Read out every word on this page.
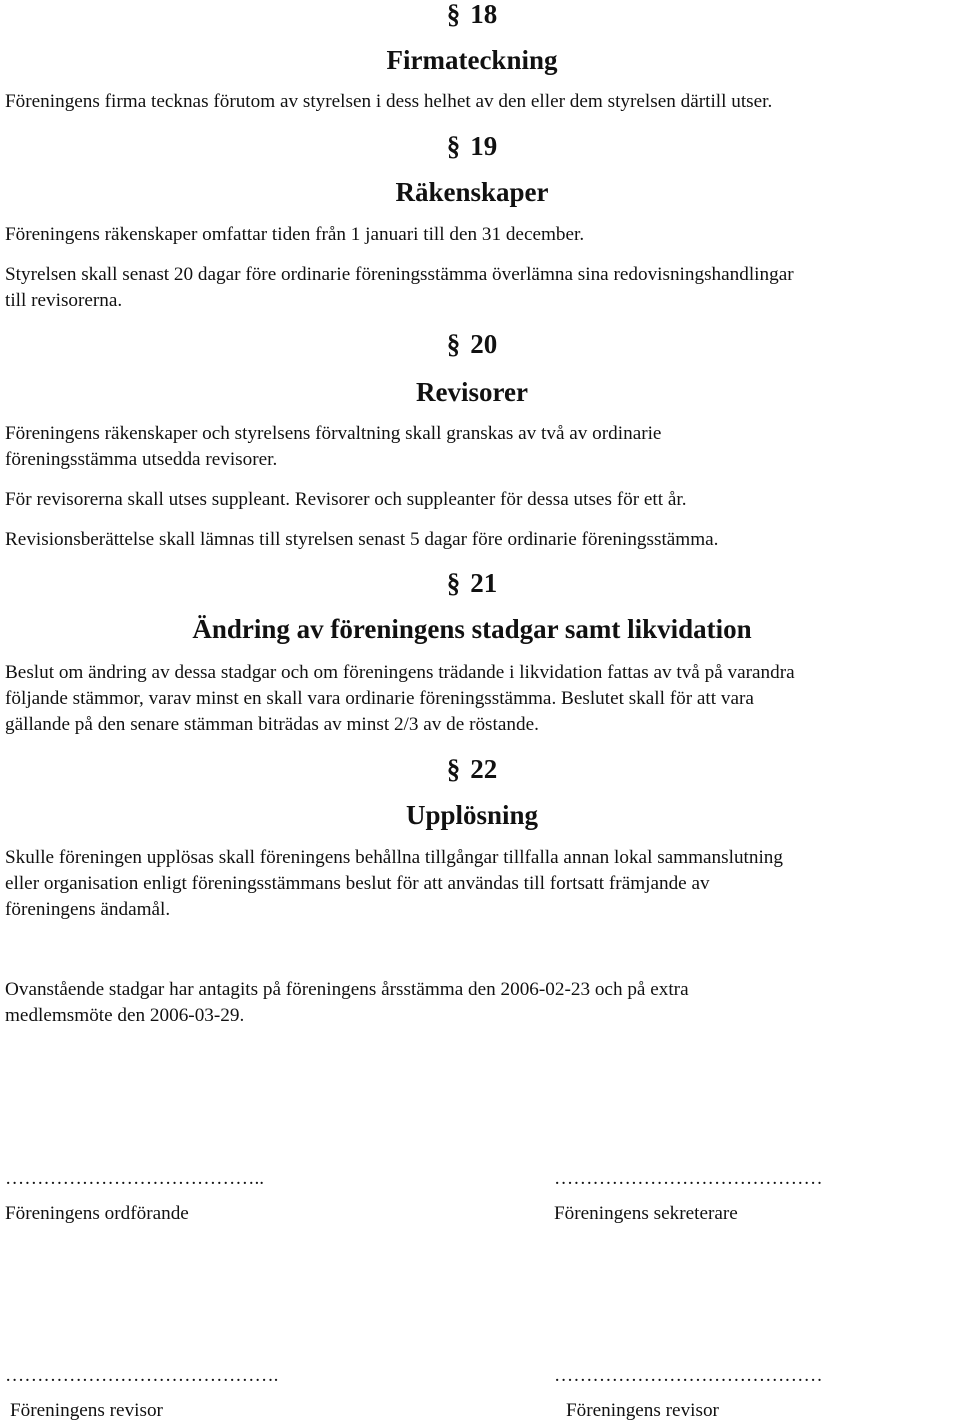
§ 18
Firmateckning
Föreningens firma tecknas förutom av styrelsen i dess helhet av den eller dem styrelsen därtill utser.
§ 19
Räkenskaper
Föreningens räkenskaper omfattar tiden från 1 januari till den 31 december.
Styrelsen skall senast 20 dagar före ordinarie föreningsstämma överlämna sina redovisningshandlingar
till revisorerna.
§ 20
Revisorer
Föreningens räkenskaper och styrelsens förvaltning skall granskas av två av ordinarie
föreningsstämma utsedda revisorer.
För revisorerna skall utses suppleant. Revisorer och suppleanter för dessa utses för ett år.
Revisionsberättelse skall lämnas till styrelsen senast 5 dagar före ordinarie föreningsstämma.
§ 21
Ändring av föreningens stadgar samt likvidation
Beslut om ändring av dessa stadgar och om föreningens trädande i likvidation fattas av två på varandra
följande stämmor, varav minst en skall vara ordinarie föreningsstämma. Beslutet skall för att vara
gällande på den senare stämman biträdas av minst 2/3 av de röstande.
§ 22
Upplösning
Skulle föreningen upplösas skall föreningens behållna tillgångar tillfalla annan lokal sammanslutning
eller organisation enligt föreningsstämmans beslut för att användas till fortsatt främjande av
föreningens ändamål.
Ovanstående stadgar har antagits på föreningens årsstämma den 2006-02-23 och på extra
medlemsmöte den 2006-03-29.
…………………………………..
Föreningens ordförande
……………………………………
Föreningens sekreterare
…………………………………….
Föreningens revisor
……………………………………
Föreningens revisor
